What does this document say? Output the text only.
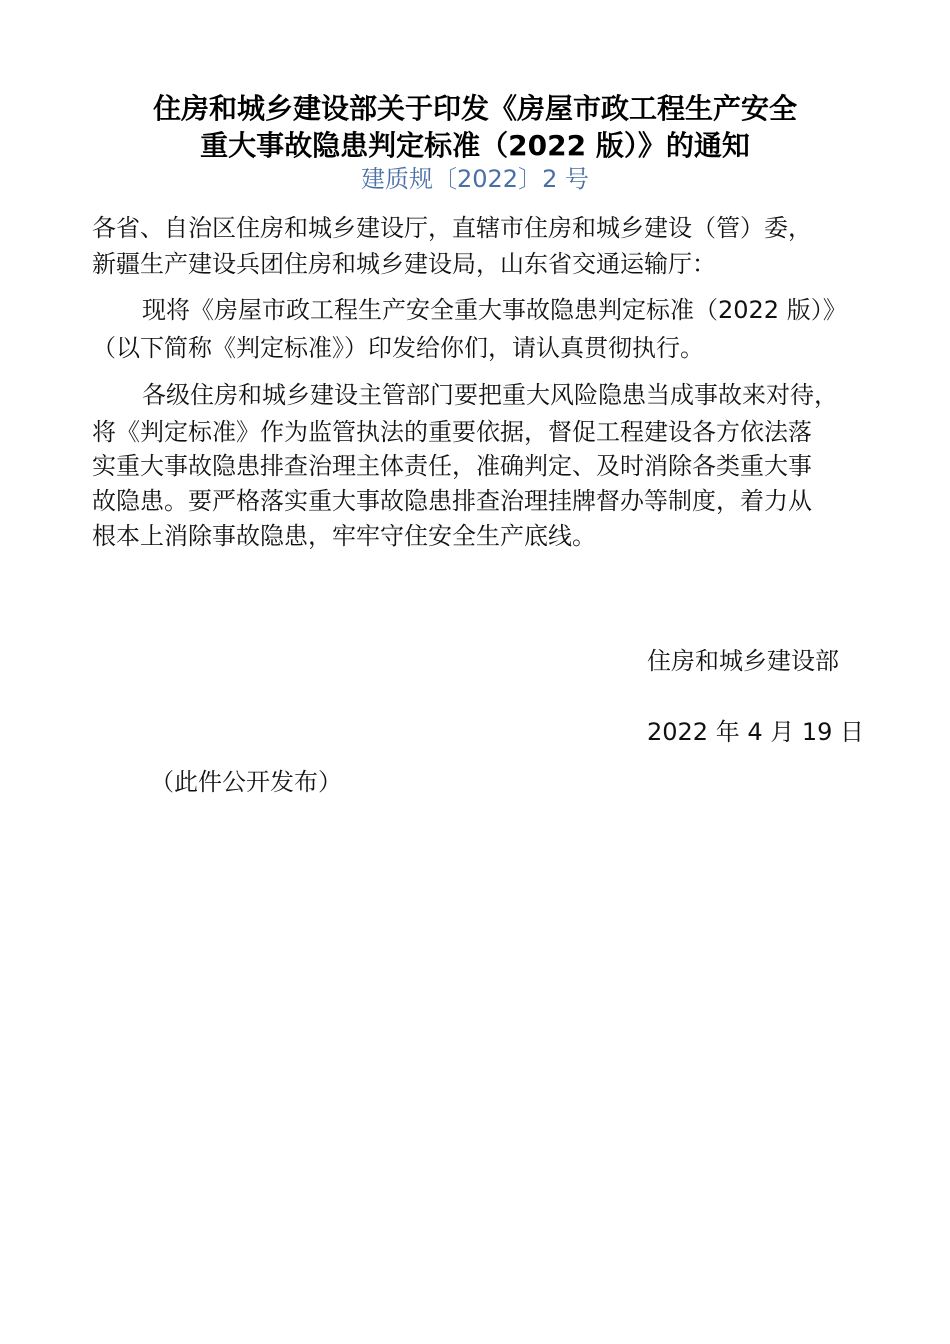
住房和城乡建设部关于印发《房屋市政工程生产安全
重大事故隐患判定标准（2022 版）》的通知
建质规〔2022〕2 号
各省、自治区住房和城乡建设厅，直辖市住房和城乡建设（管）委，
新疆生产建设兵团住房和城乡建设局，山东省交通运输厅：
现将《房屋市政工程生产安全重大事故隐患判定标准（2022 版）》
（以下简称《判定标准》）印发给你们，请认真贯彻执行。
各级住房和城乡建设主管部门要把重大风险隐患当成事故来对待，
将《判定标准》作为监管执法的重要依据，督促工程建设各方依法落
实重大事故隐患排查治理主体责任，准确判定、及时消除各类重大事
故隐患。要严格落实重大事故隐患排查治理挂牌督办等制度，着力从
根本上消除事故隐患，牢牢守住安全生产底线。
住房和城乡建设部
2022 年 4 月 19 日
（此件公开发布）
